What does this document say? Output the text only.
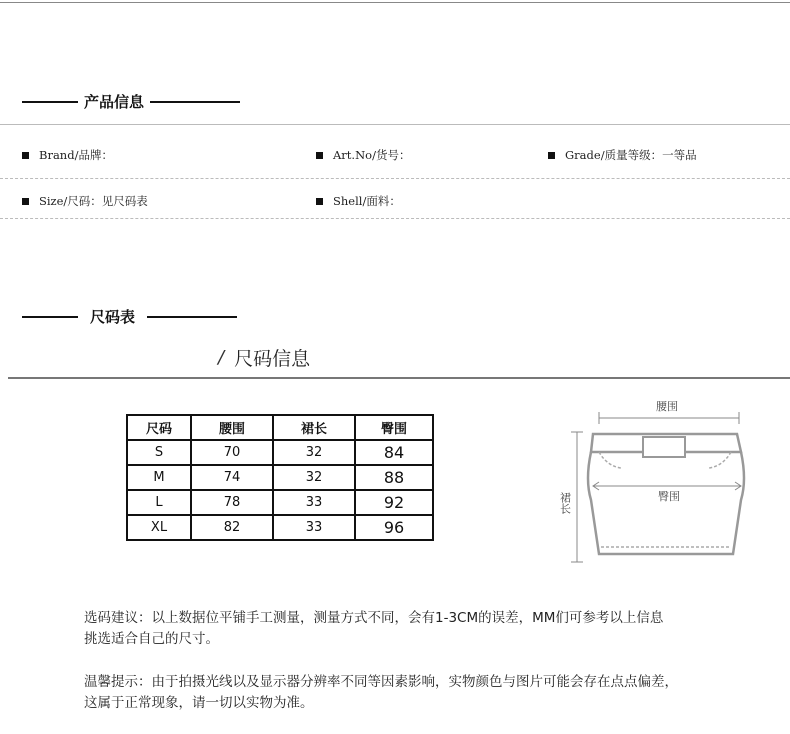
产品信息
Brand/品牌：	Art.No/货号：	Grade/质量等级：一等品
Size/尺码：见尺码表	Shell/面料：
尺码表
/ 尺码信息
尺码	腰围	裙长	臀围
S	70	32	84
M	74	32	88
L	78	33	92
XL	82	33	96
腰围
臀围
裙长
选码建议：以上数据位平铺手工测量，测量方式不同，会有1-3CM的误差，MM们可参考以上信息
挑选适合自己的尺寸。
温馨提示：由于拍摄光线以及显示器分辨率不同等因素影响，实物颜色与图片可能会存在点点偏差，
这属于正常现象，请一切以实物为准。
